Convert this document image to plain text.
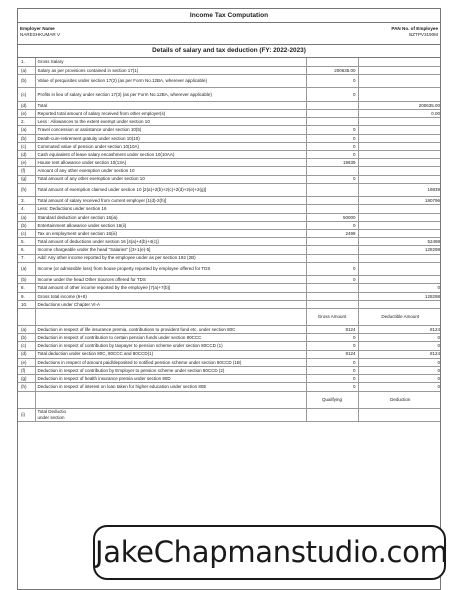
Income Tax Computation
Employer Name
NARESHKUMAR V
PAN No. of Employee
BZTPV3190M
Details of salary and tax deduction (FY: 2022-2023)
1.	Gross Salary		
(a)	Salary as per provisions contained in section 17(1)	200635.00	
(b)	Value of perquisites under section 17(2) (as per Form No.12BA, wherever applicable)	0	
(c)	Profits in lieu of salary under section 17(3) (as per Form No.12BA, wherever applicable)	0	
(d)	Total		200635.00
(e)	Reported total amount of salary received from other employer(s)		0.00
2.	Less : Allowances to the extent exempt under section 10		
(a)	Travel concession or assistance under section 10(5)	0	
(b)	Death-cum-retirement gratuity under section 10(10)	0	
(c)	Commuted value of pension under section 10(10A)	0	
(d)	Cash equivalent of leave salary encashment under section 10(10AA)	0	
(e)	House rent allowance under section 10(13A)	19839	
(f)	Amount of any other exemption under section 10		
(g)	Total amount of any other exemption under section 10	0	
(h)	Total amount of exemption claimed under section 10 [2(a)+2(b)+2(c)+2(d)+2(e)+2(g)]		19839
3.	Total amount of salary received from current employer [1(d)-2(h)]		180796
4.	Less: Deductions under section 16		
(a)	Standard deduction under section 16(ia)	50000	
(b)	Entertainment allowance under section 16(ii)	0	
(c)	Tax on employment under section 16(iii)	2498	
5.	Total amount of deductions under section 16 [4(a)+4(b)+4(c)]		52498
6.	Income chargeable under the head "Salaries" [(3+1(e)-5]		128298
7.	Add: Any other income reported by the employee under as per section 192 (2B)		
(a)	Income (or admissible loss) from house property reported by employee offered for TDS	0	
(b)	Income under the head Other Sources offered for TDS	0	
8.	Total amount of other income reported by the employee [7(a)+7(b)]		0
9.	Gross total income (6+8)		128298
10.	Deductions under Chapter VI-A		
		Gross Amount	Deductible Amount
(a)	Deduction in respect of life insurance premia, contributions to provident fund etc. under section 80C	8124	8124
(b)	Deduction in respect of contribution to certain pension funds under section 80CCC	0	0
(c)	Deduction in respect of contribution by taxpayer to pension scheme under section 80CCD (1)	0	0
(d)	Total deduction under section 80C, 80CCC and 80CCD(1)	8124	8124
(e)	Deductions in respect of amount paid/deposited to notified pension scheme under section 80CCD (1B)	0	0
(f)	Deduction in respect of contribution by Employer to pension scheme under section 80CCD (2)	0	0
(g)	Deduction in respect of health insurance premia under section 80D	0	0
(h)	Deduction in respect of interest on loan taken for higher education under section 80E	0	0
		Qualifying	Deduction
(i)	Total Deductio
under section		

JakeChapmanstudio.com
